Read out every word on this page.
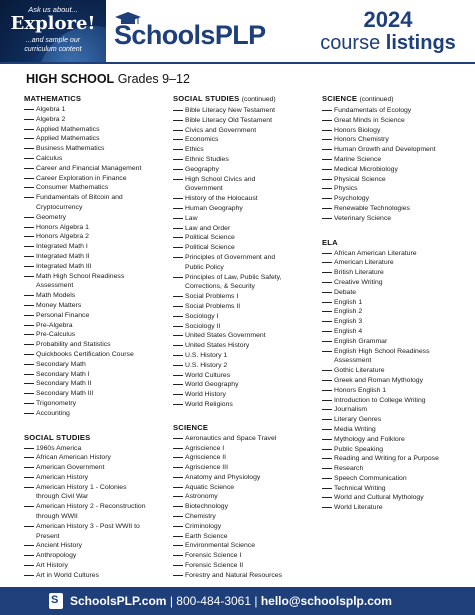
Ask us about...
Explore!
...and sample our
curriculum content	SchoolsPLP
2024
course listings
HIGH SCHOOL Grades 9–12
MATHEMATICS
Algebra 1
Algebra 2
Applied Mathematics
Applied Mathematics
Business Mathematics
Calculus
Career and Financial Management
Career Exploration in Finance
Consumer Mathematics
Fundamentals of Bitcoin and
Cryptocurrency
Geometry
Honors Algebra 1
Honors Algebra 2
Integrated Math I
Integrated Math II
Integrated Math III
Math High School Readiness
Assessment
Math Models
Money Matters
Personal Finance
Pre-Algebra
Pre-Calculus
Probability and Statistics
Quickbooks Certification Course
Secondary Math
Secondary Math I
Secondary Math II
Secondary Math III
Trigonometry
Accounting
SOCIAL STUDIES
1960s America
African American History
American Government
American History
American History 1 - Colonies
through Civil War
American History 2 - Reconstruction
through WWII
American History 3 - Post WWII to
Present
Ancient History
Anthropology
Art History
Art in World Cultures
SOCIAL STUDIES (continued)
Bible Literacy New Testament
Bible Literacy Old Testament
Civics and Government
Economics
Ethics
Ethnic Studies
Geography
High School Civics and
Government
History of the Holocaust
Human Geography
Law
Law and Order
Political Science
Political Science
Principles of Government and
Public Policy
Principles of Law, Public Safety,
Corrections, & Security
Social Problems I
Social Problems II
Sociology I
Sociology II
United States Government
United States History
U.S. History 1
U.S. History 2
World Cultures
World Geography
World History
World Religions
SCIENCE
Aeronautics and Space Travel
Agriscience I
Agriscience II
Agriscience III
Anatomy and Physiology
Aquatic Science
Astronomy
Biotechnology
Chemistry
Criminology
Earth Science
Environmental Science
Forensic Science I
Forensic Science II
Forestry and Natural Resources
SCIENCE (continued)
Fundamentals of Ecology
Great Minds in Science
Honors Biology
Honors Chemistry
Human Growth and Development
Marine Science
Medical Microbiology
Physical Science
Physics
Psychology
Renewable Technologies
Veterinary Science
ELA
African American Literature
American Literature
British Literature
Creative Writing
Debate
English 1
English 2
English 3
English 4
English Grammar
English High School Readiness
Assessment
Gothic Literature
Greek and Roman Mythology
Honors English 1
Introduction to College Writing
Journalism
Literary Genres
Media Writing
Mythology and Folklore
Public Speaking
Reading and Writing for a Purpose
Research
Speech Communication
Technical Writing
World and Cultural Mythology
World Literature
S SchoolsPLP.com | 800-484-3061 | hello@schoolsplp.com
